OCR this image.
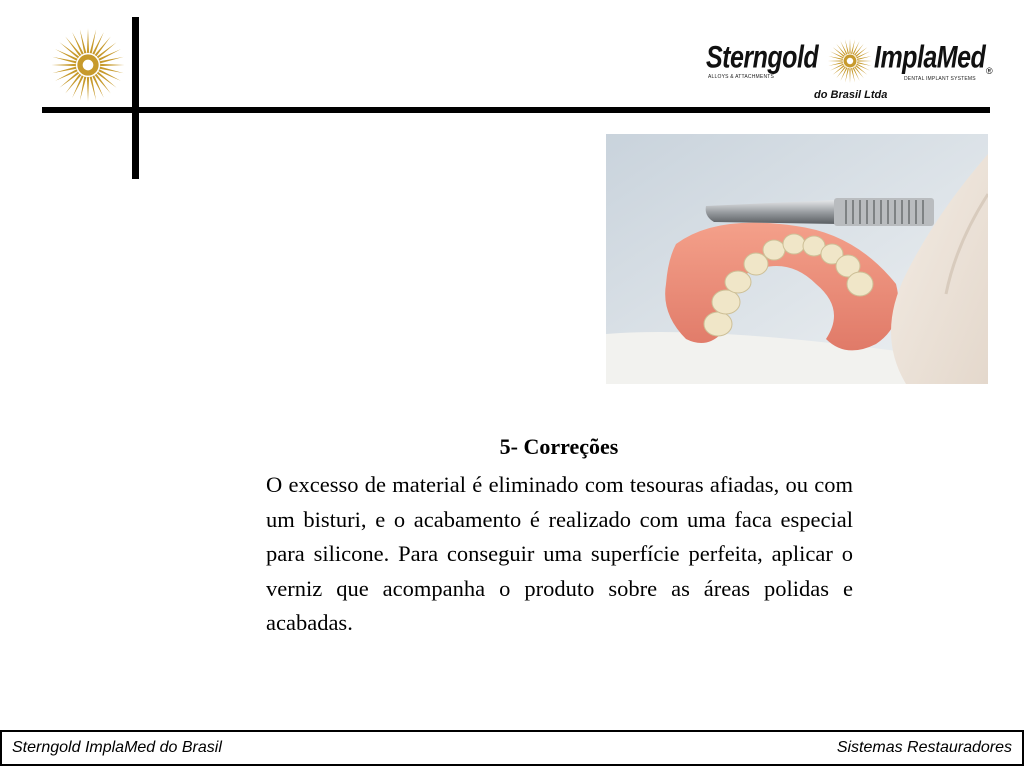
Sterngold ImplaMed ®
ALLOYS & ATTACHMENTS	DENTAL IMPLANT SYSTEMS
do Brasil Ltda
5- Correções
O excesso de material é eliminado com tesouras afiadas, ou com um bisturi, e o acabamento é realizado com uma faca especial para silicone. Para conseguir uma superfície perfeita, aplicar o verniz que acompanha o produto sobre as áreas polidas e acabadas.
Sterngold ImplaMed do Brasil	Sistemas Restauradores
